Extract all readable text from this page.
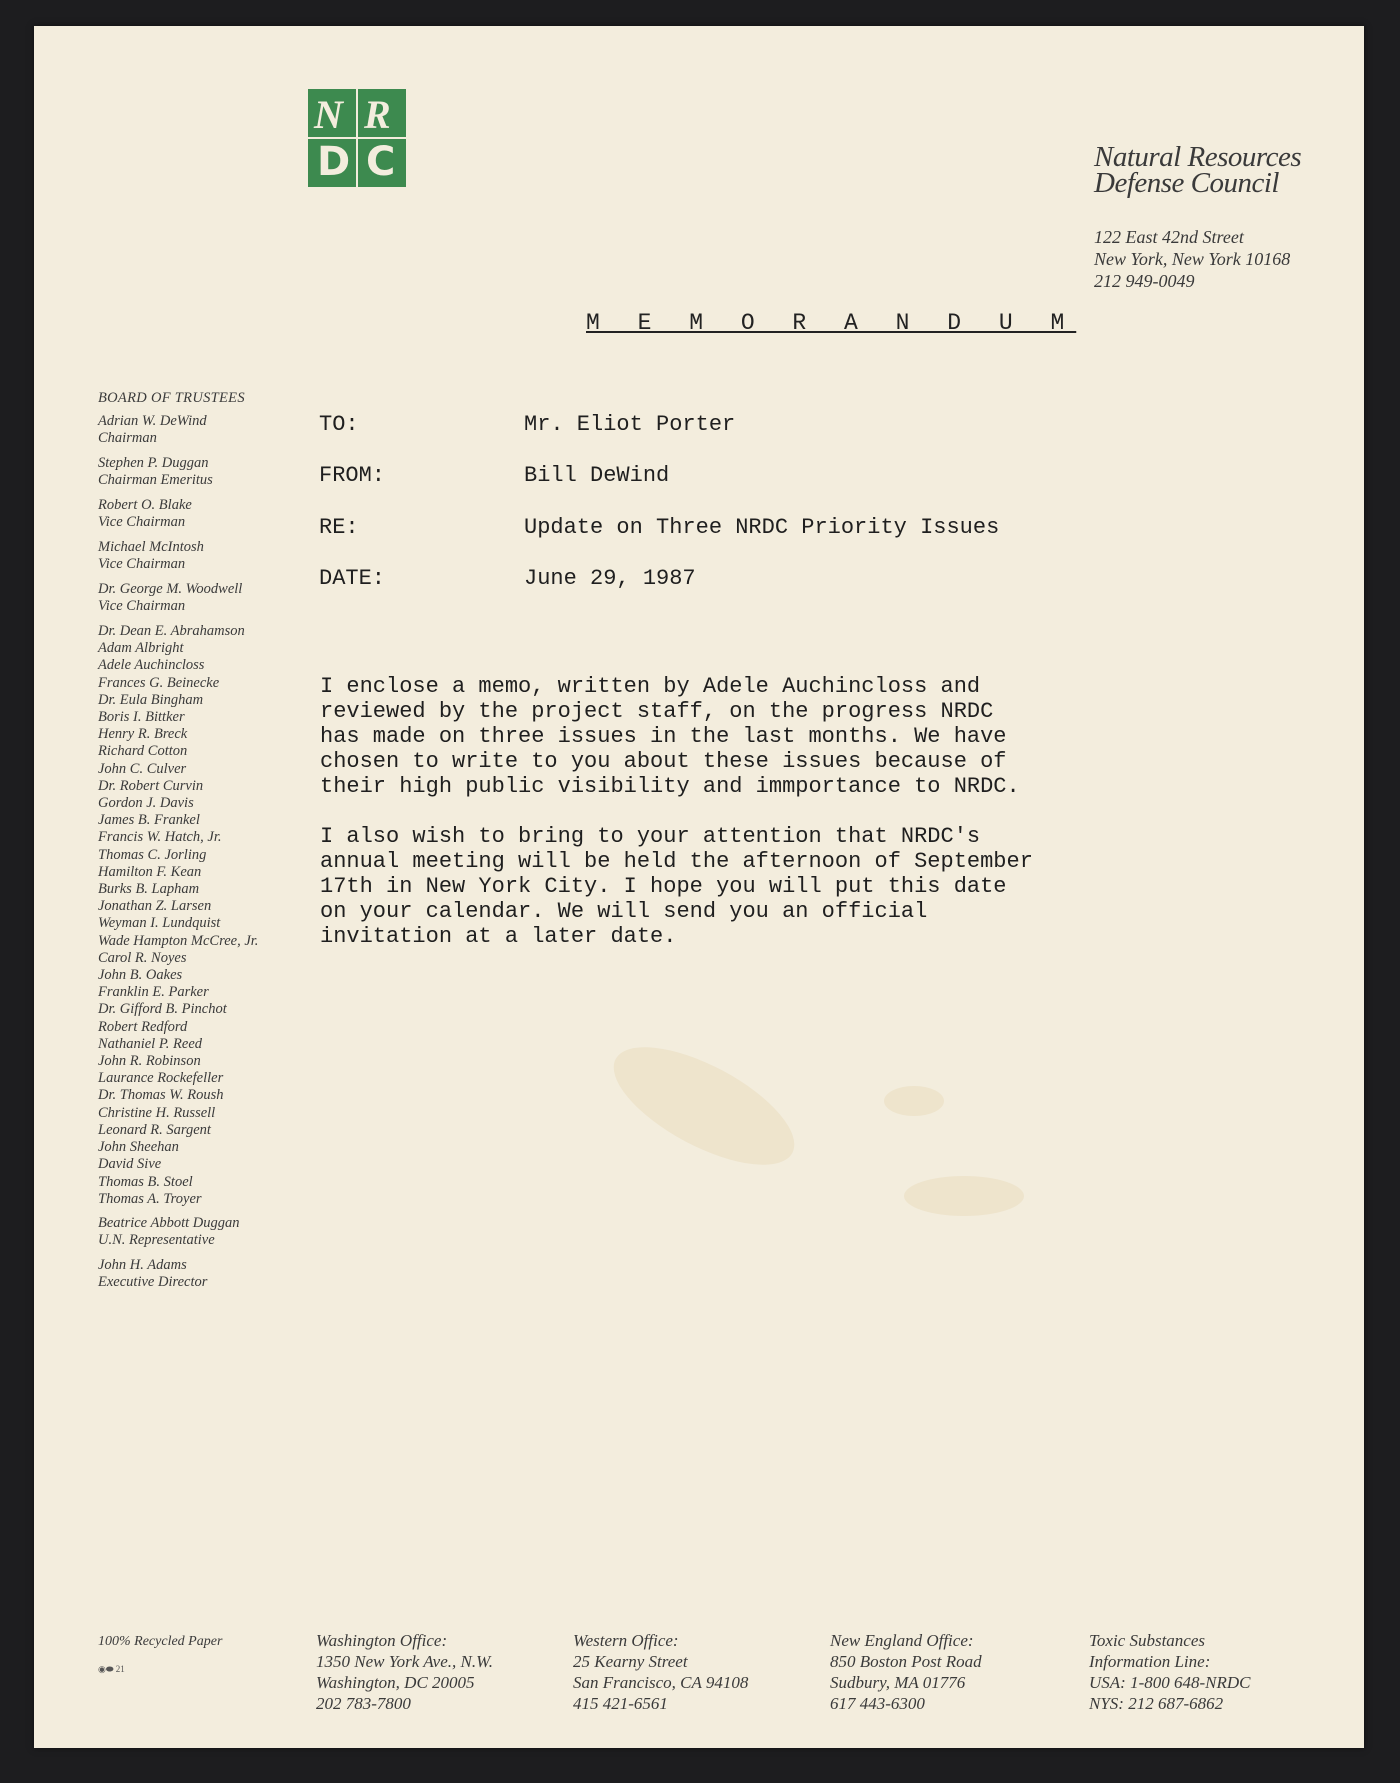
N R
D C	Natural Resources
Defense Council
122 East 42nd Street
New York, New York 10168
212 949-0049
M E M O R A N D U M
BOARD OF TRUSTEES
Adrian W. DeWind
Chairman
Stephen P. Duggan
Chairman Emeritus
Robert O. Blake
Vice Chairman
Michael McIntosh
Vice Chairman
Dr. George M. Woodwell
Vice Chairman
Dr. Dean E. Abrahamson
Adam Albright
Adele Auchincloss
Frances G. Beinecke
Dr. Eula Bingham
Boris I. Bittker
Henry R. Breck
Richard Cotton
John C. Culver
Dr. Robert Curvin
Gordon J. Davis
James B. Frankel
Francis W. Hatch, Jr.
Thomas C. Jorling
Hamilton F. Kean
Burks B. Lapham
Jonathan Z. Larsen
Weyman I. Lundquist
Wade Hampton McCree, Jr.
Carol R. Noyes
John B. Oakes
Franklin E. Parker
Dr. Gifford B. Pinchot
Robert Redford
Nathaniel P. Reed
John R. Robinson
Laurance Rockefeller
Dr. Thomas W. Roush
Christine H. Russell
Leonard R. Sargent
John Sheehan
David Sive
Thomas B. Stoel
Thomas A. Troyer
Beatrice Abbott Duggan
U.N. Representative
John H. Adams
Executive Director
TO:	Mr. Eliot Porter
FROM:	Bill DeWind
RE:	Update on Three NRDC Priority Issues
DATE:	June 29, 1987

I enclose a memo, written by Adele Auchincloss and
reviewed by the project staff, on the progress NRDC
has made on three issues in the last months. We have
chosen to write to you about these issues because of
their high public visibility and immportance to NRDC.

I also wish to bring to your attention that NRDC's
annual meeting will be held the afternoon of September
17th in New York City. I hope you will put this date
on your calendar. We will send you an official
invitation at a later date.

100% Recycled Paper
◉⬬ 21
Washington Office:
1350 New York Ave., N.W.
Washington, DC 20005
202 783-7800
Western Office:
25 Kearny Street
San Francisco, CA 94108
415 421-6561
New England Office:
850 Boston Post Road
Sudbury, MA 01776
617 443-6300
Toxic Substances
Information Line:
USA: 1-800 648-NRDC
NYS: 212 687-6862
